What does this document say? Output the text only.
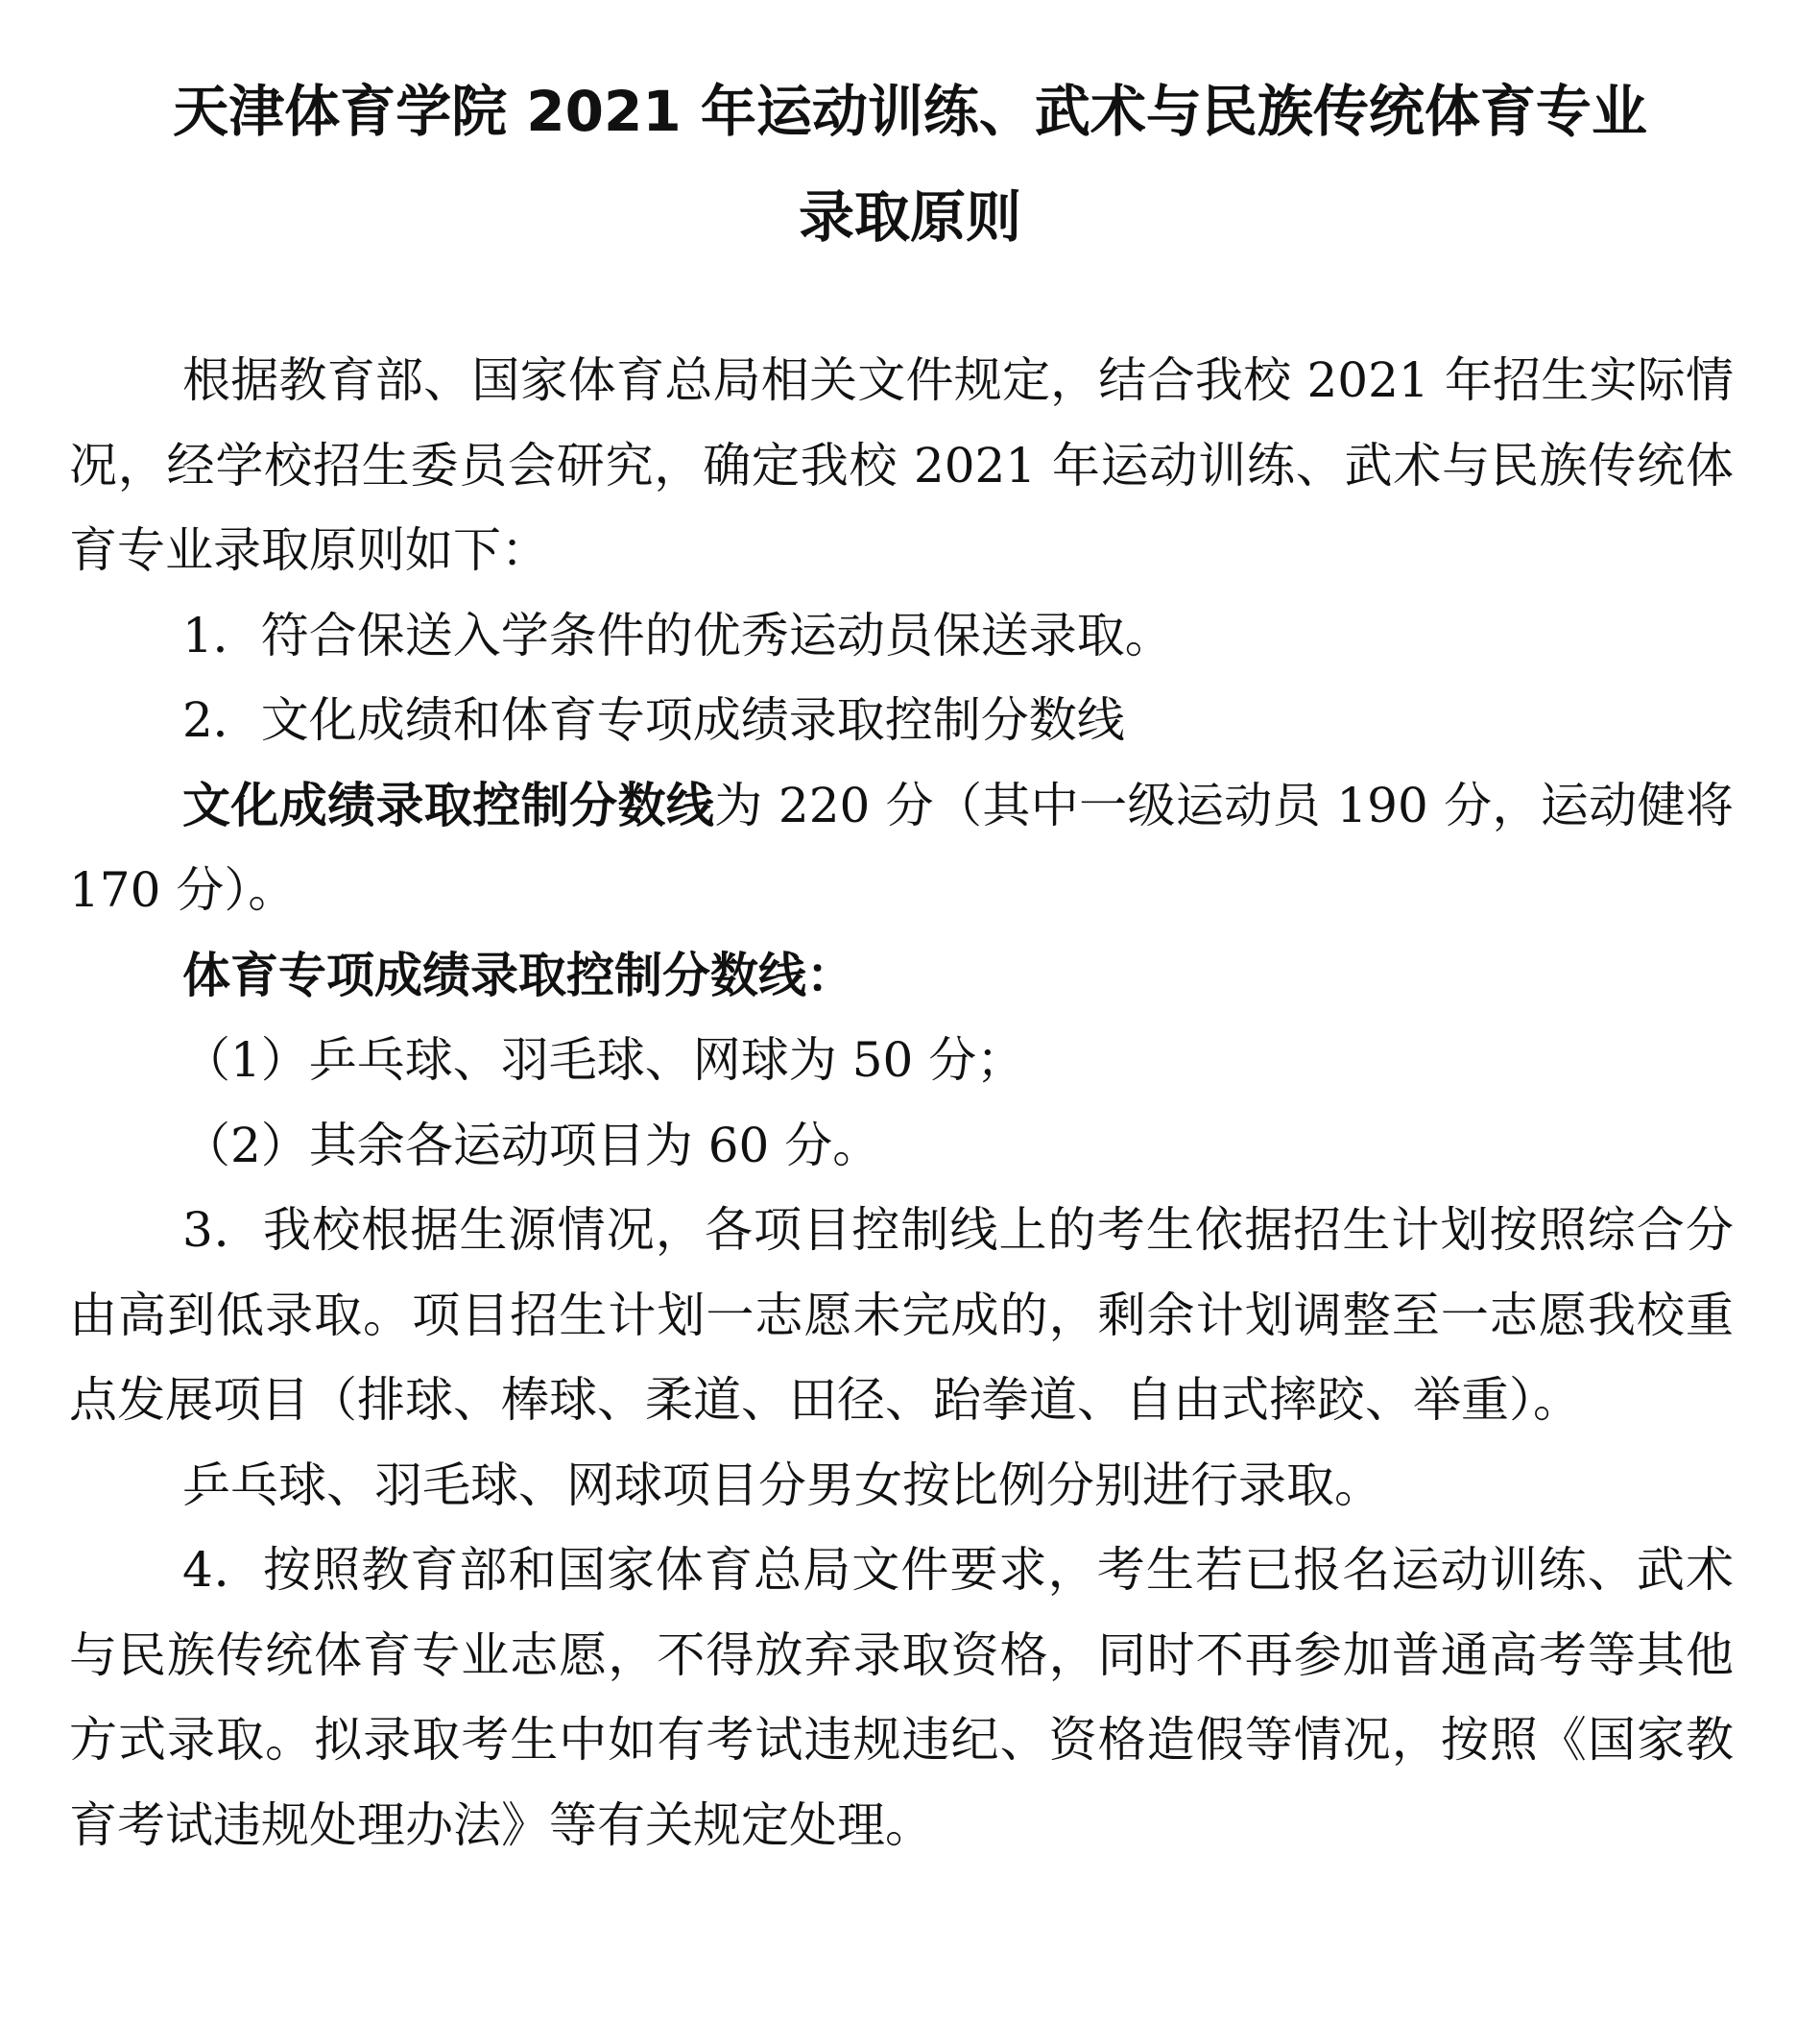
天津体育学院 2021 年运动训练、武术与民族传统体育专业
录取原则

根据教育部、国家体育总局相关文件规定，结合我校 2021 年招生实际情况，经学校招生委员会研究，确定我校 2021 年运动训练、武术与民族传统体育专业录取原则如下：

1．符合保送入学条件的优秀运动员保送录取。

2．文化成绩和体育专项成绩录取控制分数线

文化成绩录取控制分数线为 220 分（其中一级运动员 190 分，运动健将 170 分）。

体育专项成绩录取控制分数线：

（1）乒乓球、羽毛球、网球为 50 分；

（2）其余各运动项目为 60 分。

3．我校根据生源情况，各项目控制线上的考生依据招生计划按照综合分由高到低录取。项目招生计划一志愿未完成的，剩余计划调整至一志愿我校重点发展项目（排球、棒球、柔道、田径、跆拳道、自由式摔跤、举重）。

乒乓球、羽毛球、网球项目分男女按比例分别进行录取。

4．按照教育部和国家体育总局文件要求，考生若已报名运动训练、武术与民族传统体育专业志愿，不得放弃录取资格，同时不再参加普通高考等其他方式录取。拟录取考生中如有考试违规违纪、资格造假等情况，按照《国家教育考试违规处理办法》等有关规定处理。
